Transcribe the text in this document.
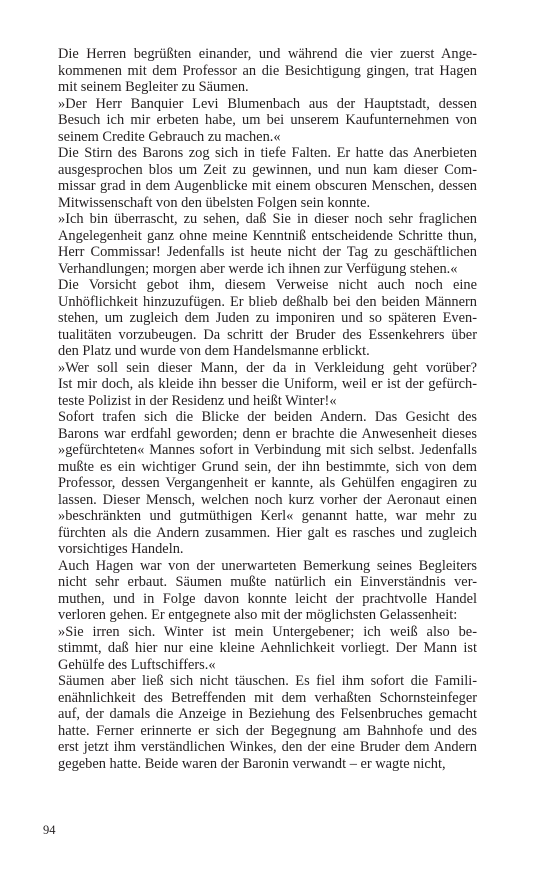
Die Herren begrüßten einander, und während die vier zuerst Ange-
kommenen mit dem Professor an die Besichtigung gingen, trat Hagen
mit seinem Begleiter zu Säumen.

»Der Herr Banquier Levi Blumenbach aus der Hauptstadt, dessen
Besuch ich mir erbeten habe, um bei unserem Kaufunternehmen von
seinem Credite Gebrauch zu machen.«

Die Stirn des Barons zog sich in tiefe Falten. Er hatte das Anerbieten
ausgesprochen blos um Zeit zu gewinnen, und nun kam dieser Com-
missar grad in dem Augenblicke mit einem obscuren Menschen, dessen
Mitwissenschaft von den übelsten Folgen sein konnte.

»Ich bin überrascht, zu sehen, daß Sie in dieser noch sehr fraglichen
Angelegenheit ganz ohne meine Kenntniß entscheidende Schritte thun,
Herr Commissar! Jedenfalls ist heute nicht der Tag zu geschäftlichen
Verhandlungen; morgen aber werde ich ihnen zur Verfügung stehen.«

Die Vorsicht gebot ihm, diesem Verweise nicht auch noch eine
Unhöflichkeit hinzuzufügen. Er blieb deßhalb bei den beiden Männern
stehen, um zugleich dem Juden zu imponiren und so späteren Even-
tualitäten vorzubeugen. Da schritt der Bruder des Essenkehrers über
den Platz und wurde von dem Handelsmanne erblickt.

»Wer soll sein dieser Mann, der da in Verkleidung geht vorüber?
Ist mir doch, als kleide ihn besser die Uniform, weil er ist der gefürch-
teste Polizist in der Residenz und heißt Winter!«

Sofort trafen sich die Blicke der beiden Andern. Das Gesicht des
Barons war erdfahl geworden; denn er brachte die Anwesenheit dieses
»gefürchteten« Mannes sofort in Verbindung mit sich selbst. Jedenfalls
mußte es ein wichtiger Grund sein, der ihn bestimmte, sich von dem
Professor, dessen Vergangenheit er kannte, als Gehülfen engagiren zu
lassen. Dieser Mensch, welchen noch kurz vorher der Aeronaut einen
»beschränkten und gutmüthigen Kerl« genannt hatte, war mehr zu
fürchten als die Andern zusammen. Hier galt es rasches und zugleich
vorsichtiges Handeln.

Auch Hagen war von der unerwarteten Bemerkung seines Begleiters
nicht sehr erbaut. Säumen mußte natürlich ein Einverständnis ver-
muthen, und in Folge davon konnte leicht der prachtvolle Handel
verloren gehen. Er entgegnete also mit der möglichsten Gelassenheit:

»Sie irren sich. Winter ist mein Untergebener; ich weiß also be-
stimmt, daß hier nur eine kleine Aehnlichkeit vorliegt. Der Mann ist
Gehülfe des Luftschiffers.«

Säumen aber ließ sich nicht täuschen. Es fiel ihm sofort die Famili-
enähnlichkeit des Betreffenden mit dem verhaßten Schornsteinfeger
auf, der damals die Anzeige in Beziehung des Felsenbruches gemacht
hatte. Ferner erinnerte er sich der Begegnung am Bahnhofe und des
erst jetzt ihm verständlichen Winkes, den der eine Bruder dem Andern
gegeben hatte. Beide waren der Baronin verwandt – er wagte nicht,

94
